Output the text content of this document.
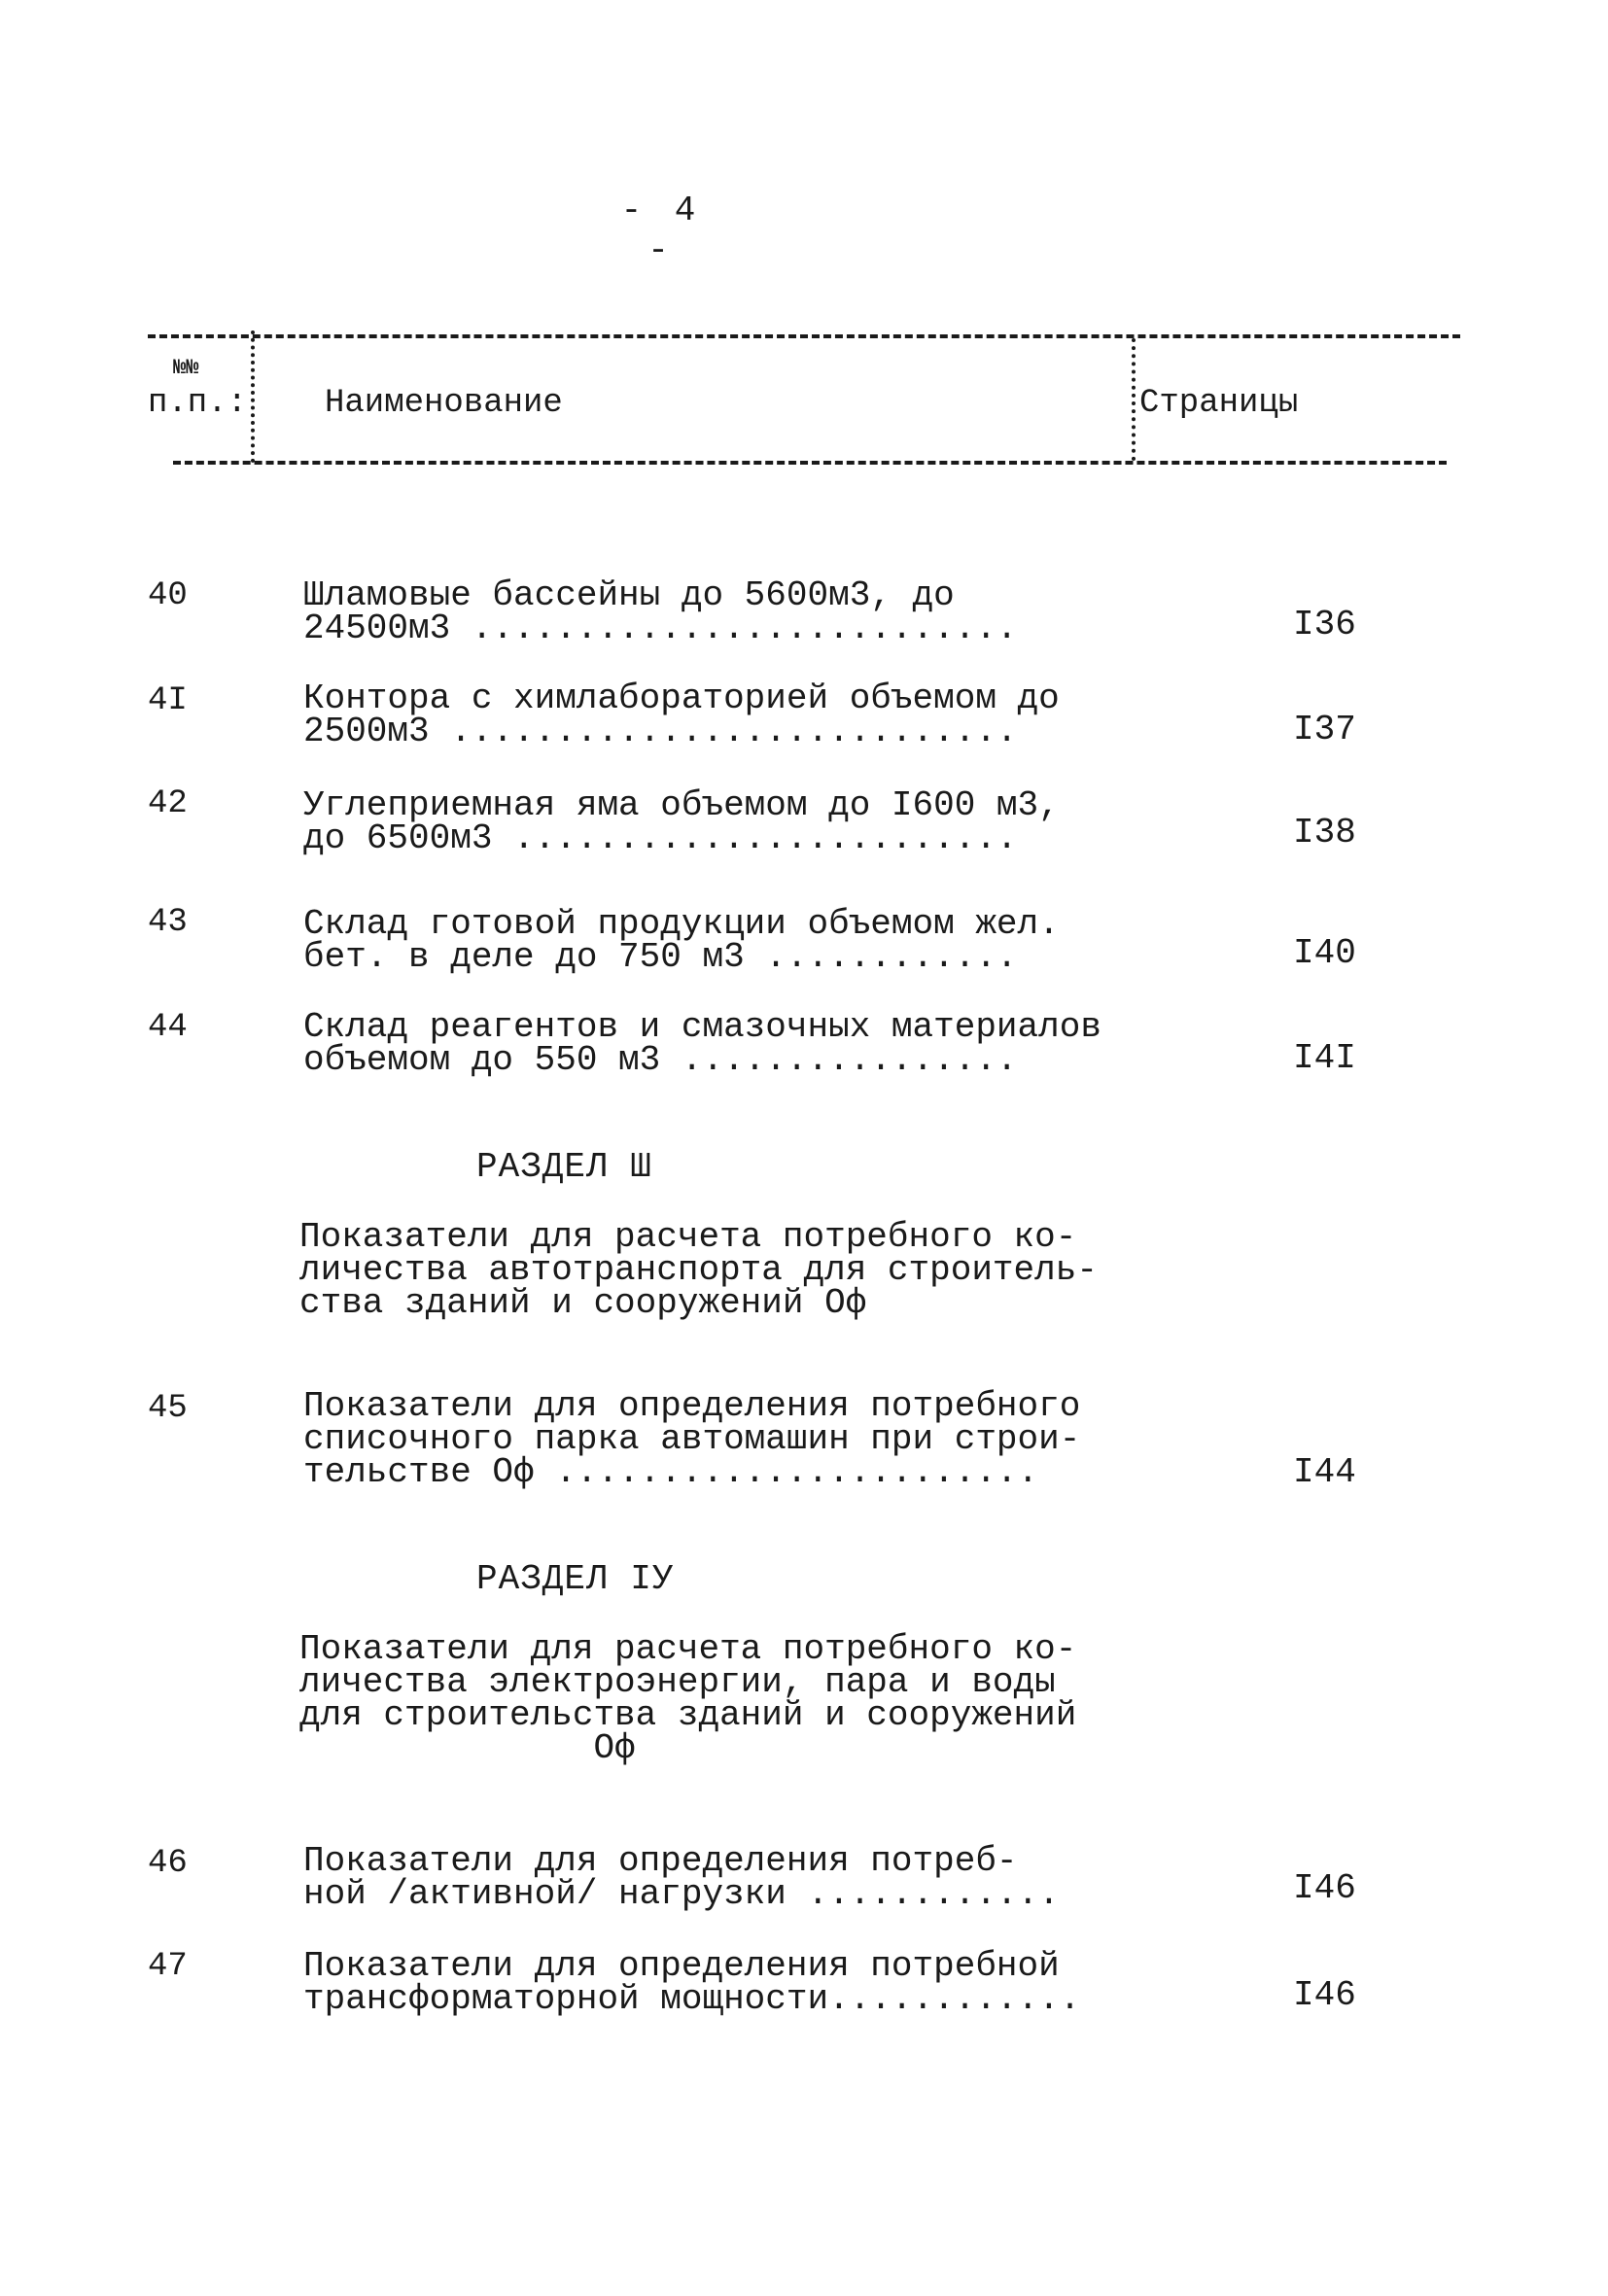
- 4 -
№№
п.п.: Наименование	Страницы
40	Шламовые бассейны до 5600м3, до
24500м3 ..........................	I36
4I	Контора с химлабораторией объемом до
2500м3 ...........................	I37
42	Углеприемная яма объемом до I600 м3,
до 6500м3 ........................	I38
43	Склад готовой продукции объемом жел.
бет. в деле до 750 м3 ............	I40
44	Склад реагентов и смазочных материалов
объемом до 550 м3 ................	I4I
РАЗДЕЛ Ш
Показатели для расчета потребного ко-
личества автотранспорта для строитель-
ства зданий и сооружений Оф
45	Показатели для определения потребного
списочного парка автомашин при строи-
тельстве Оф .......................	I44
РАЗДЕЛ IУ
Показатели для расчета потребного ко-
личества электроэнергии, пара и воды
для строительства зданий и сооружений
Оф
46	Показатели для определения потреб-
ной /активной/ нагрузки ............	I46
47	Показатели для определения потребной
трансформаторной мощности............	I46
